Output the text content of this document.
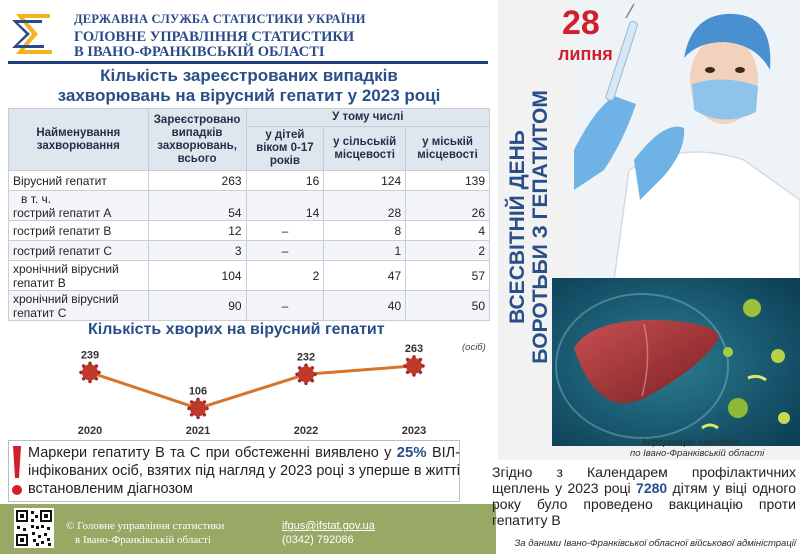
ДЕРЖАВНА СЛУЖБА СТАТИСТИКИ УКРАЇНИ
ГОЛОВНЕ УПРАВЛІННЯ СТАТИСТИКИ
В ІВАНО-ФРАНКІВСЬКІЙ ОБЛАСТІ
Кількість зареєстрованих випадків
захворювань на вірусний гепатит у 2023 році
Найменування захворювання	Зареєстровано випадків захворювань, всього	У тому числі		
		у дітей віком 0-17 років	у сільській місцевості	у міській місцевості
Вірусний гепатит	263	16	124	139

в т. ч.
гострий гепатит А	54	14	28	26
гострий гепатит В	12	–	8	4
гострий гепатит С	3	–	1	2

хронічний вірусний
гепатит В	104	2	47	57

хронічний вірусний
гепатит С	90	–	40	50
Кількість хворих на вірусний гепатит
(осіб)
239
2020
106
2021
232
2022
263
2023
Маркери гепатиту В та С при обстеженні виявлено у 25% ВІЛ-інфікованих осіб, взятих під нагляд у 2023 році з уперше в житті встановленим діагнозом
© Головне управління статистики
в Івано-Франківській області
ifgus@ifstat.gov.ua
(0342) 792086
28
липня
ВСЕСВІТНІЙ ДЕНЬ БОРОТЬБИ З ГЕПАТИТОМ
Інформацію наведено
по Івано-Франківській області
Згідно з Календарем профілактичних щеплень у 2023 році 7280 дітям у віці одного року було проведено вакцинацію проти гепатиту В
За даними Івано-Франківської обласної військової адміністрації
